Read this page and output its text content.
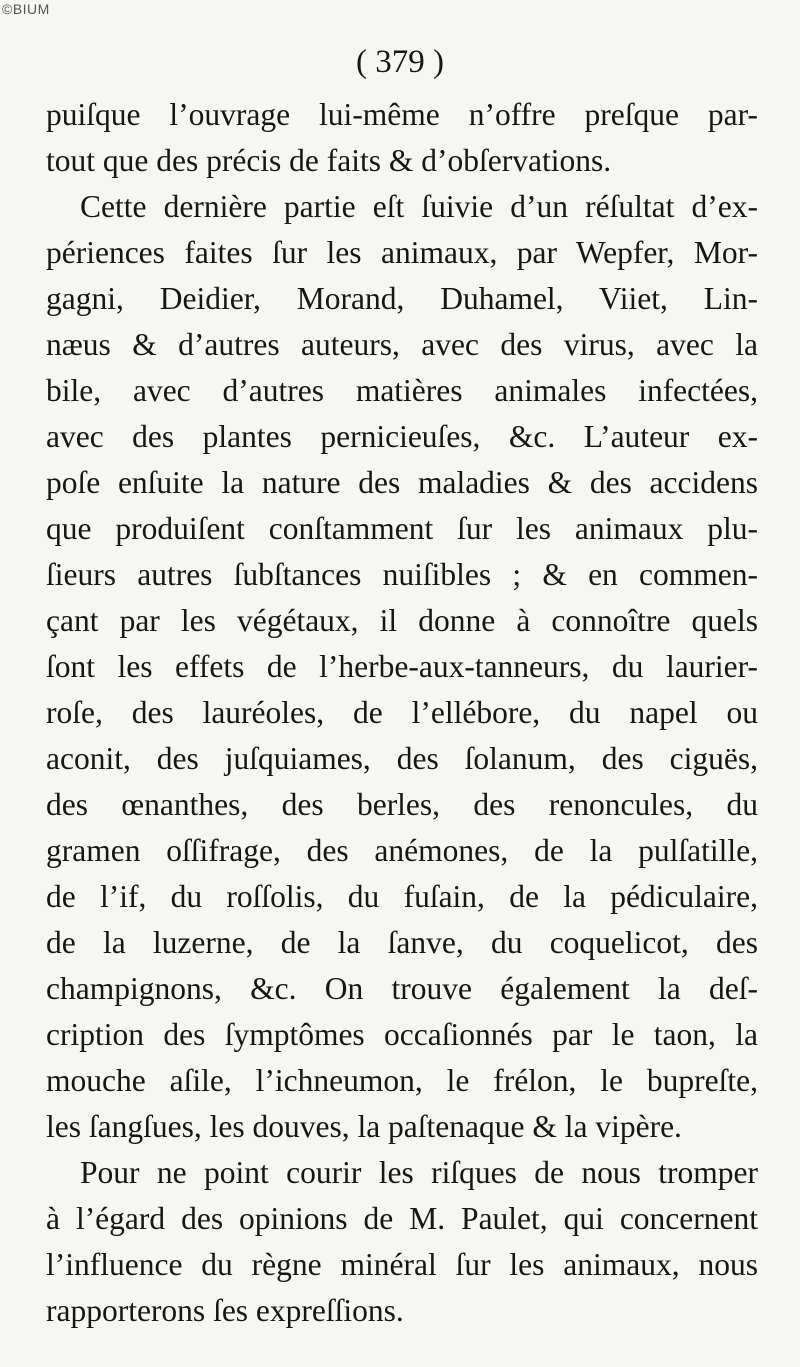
©BIUM
( 379 )
puiſque l’ouvrage lui-même n’offre preſque par-
tout que des précis de faits & d’obſervations.
Cette dernière partie eſt ſuivie d’un réſultat d’ex-
périences faites ſur les animaux, par Wepfer, Mor-
gagni, Deidier, Morand, Duhamel, Viiet, Lin-
næus & d’autres auteurs, avec des virus, avec la
bile, avec d’autres matières animales infectées,
avec des plantes pernicieuſes, &c. L’auteur ex-
poſe enſuite la nature des maladies & des accidens
que produiſent conſtamment ſur les animaux plu-
ſieurs autres ſubſtances nuiſibles ; & en commen-
çant par les végétaux, il donne à connoître quels
ſont les effets de l’herbe-aux-tanneurs, du laurier-
roſe, des lauréoles, de l’ellébore, du napel ou
aconit, des juſquiames, des ſolanum, des ciguës,
des œnanthes, des berles, des renoncules, du
gramen oſſifrage, des anémones, de la pulſatille,
de l’if, du roſſolis, du fuſain, de la pédiculaire,
de la luzerne, de la ſanve, du coquelicot, des
champignons, &c. On trouve également la deſ-
cription des ſymptômes occaſionnés par le taon, la
mouche aſile, l’ichneumon, le frélon, le bupreſte,
les ſangſues, les douves, la paſtenaque & la vipère.
Pour ne point courir les riſques de nous tromper
à l’égard des opinions de M. Paulet, qui concernent
l’influence du règne minéral ſur les animaux, nous
rapporterons ſes expreſſions.
